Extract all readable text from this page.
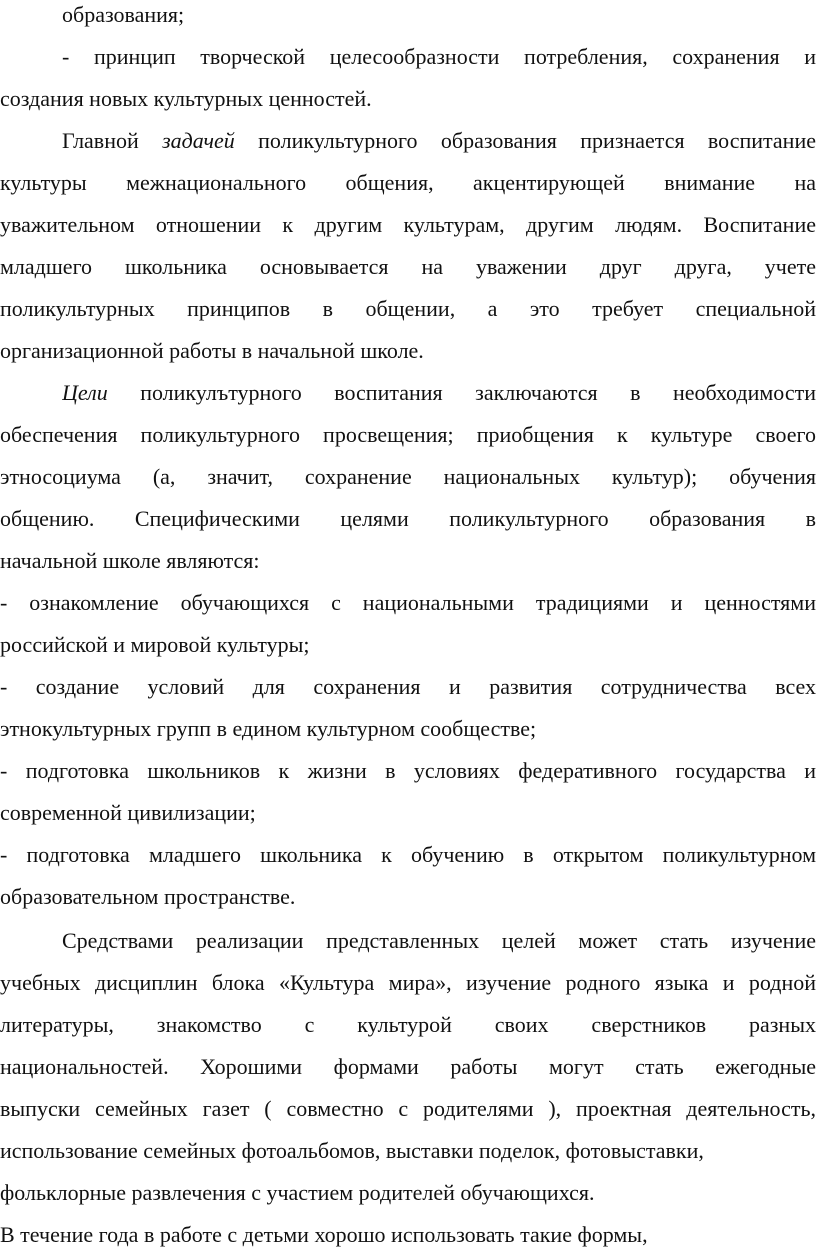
образования;
- принцип творческой целесообразности потребления, сохранения и
создания новых культурных ценностей.
Главной задачей поликультурного образования признается воспитание
культуры межнационального общения, акцентирующей внимание на
уважительном отношении к другим культурам, другим людям. Воспитание
младшего школьника основывается на уважении друг друга, учете
поликультурных принципов в общении, а это требует специальной
организационной работы в начальной школе.
Цели поликулътурного воспитания заключаются в необходимости
обеспечения поликультурного просвещения; приобщения к культуре своего
этносоциума (а, значит, сохранение национальных культур); обучения
общению. Специфическими целями поликультурного образования в
начальной школе являются:
- ознакомление обучающихся с национальными традициями и ценностями
российской и мировой культуры;
- создание условий для сохранения и развития сотрудничества всех
этнокультурных групп в едином культурном сообществе;
- подготовка школьников к жизни в условиях федеративного государства и
современной цивилизации;
- подготовка младшего школьника к обучению в открытом поликультурном
образовательном пространстве.
Средствами реализации представленных целей может стать изучение
учебных дисциплин блока «Культура мира», изучение родного языка и родной
литературы, знакомство с культурой своих сверстников разных
национальностей. Хорошими формами работы могут стать ежегодные
выпуски семейных газет ( совместно с родителями ), проектная деятельность,
использование семейных фотоальбомов, выставки поделок, фотовыставки,
фольклорные развлечения с участием родителей обучающихся.
В течение года в работе с детьми хорошо использовать такие формы,
